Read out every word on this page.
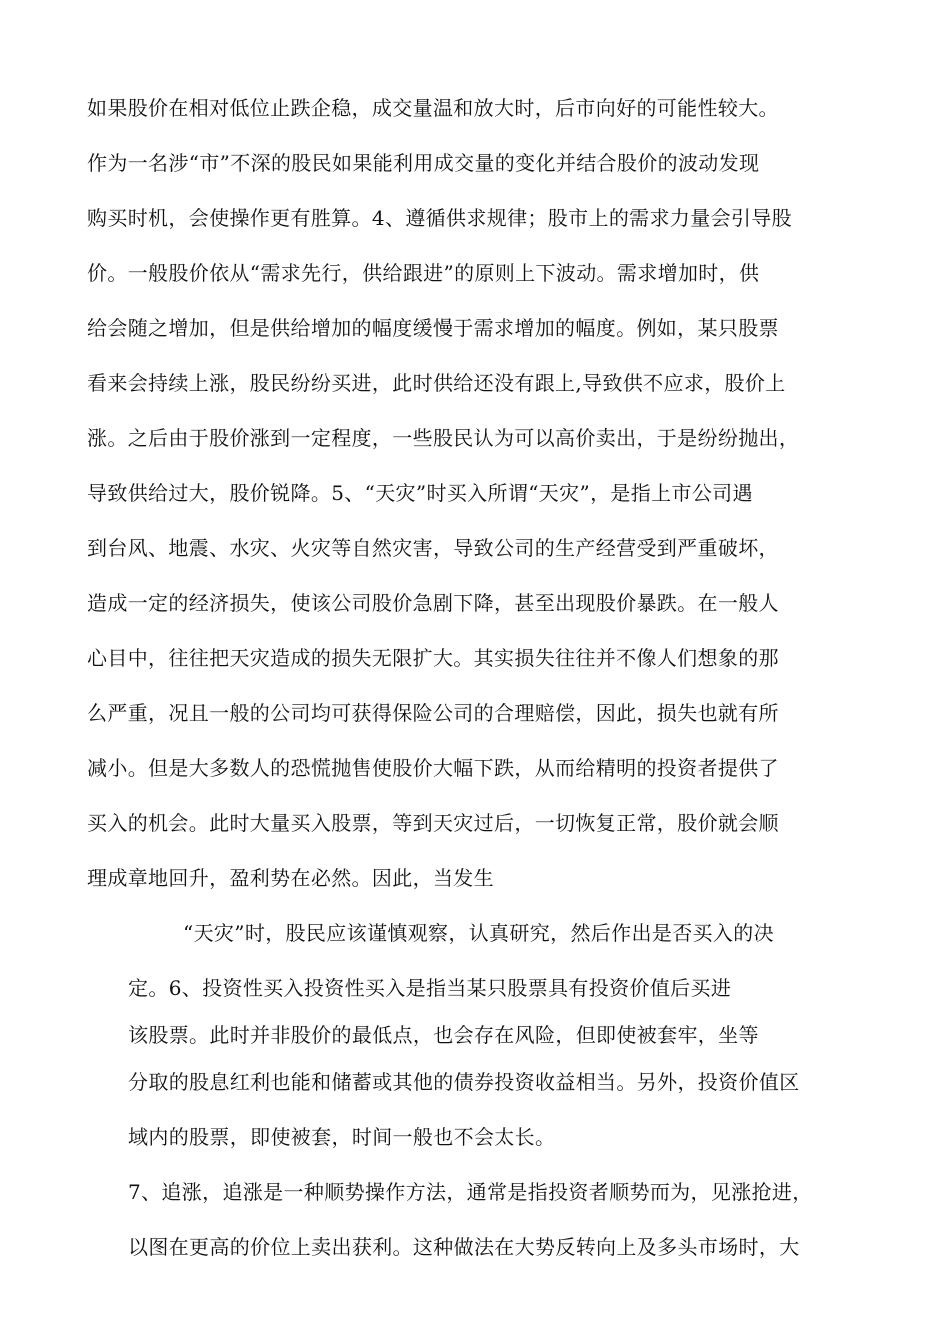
如果股价在相对低位止跌企稳，成交量温和放大时，后市向好的可能性较大。
作为一名涉“市”不深的股民如果能利用成交量的变化并结合股价的波动发现
购买时机，会使操作更有胜算。4、遵循供求规律；股市上的需求力量会引导股
价。一般股价依从“需求先行，供给跟进”的原则上下波动。需求增加时，供
给会随之增加，但是供给增加的幅度缓慢于需求增加的幅度。例如，某只股票
看来会持续上涨，股民纷纷买进，此时供给还没有跟上,导致供不应求，股价上
涨。之后由于股价涨到一定程度，一些股民认为可以高价卖出，于是纷纷抛出，
导致供给过大，股价锐降。5、“天灾”时买入所谓“天灾”，是指上市公司遇
到台风、地震、水灾、火灾等自然灾害，导致公司的生产经营受到严重破坏，
造成一定的经济损失，使该公司股价急剧下降，甚至出现股价暴跌。在一般人
心目中，往往把天灾造成的损失无限扩大。其实损失往往并不像人们想象的那
么严重，况且一般的公司均可获得保险公司的合理赔偿，因此，损失也就有所
减小。但是大多数人的恐慌抛售使股价大幅下跌，从而给精明的投资者提供了
买入的机会。此时大量买入股票，等到天灾过后，一切恢复正常，股价就会顺
理成章地回升，盈利势在必然。因此，当发生
“天灾”时，股民应该谨慎观察，认真研究，然后作出是否买入的决
定。6、投资性买入投资性买入是指当某只股票具有投资价值后买进
该股票。此时并非股价的最低点，也会存在风险，但即使被套牢，坐等
分取的股息红利也能和储蓄或其他的债券投资收益相当。另外，投资价值区
域内的股票，即使被套，时间一般也不会太长。
7、追涨，追涨是一种顺势操作方法，通常是指投资者顺势而为，见涨抢进，
以图在更高的价位上卖出获利。这种做法在大势反转向上及多头市场时，大
